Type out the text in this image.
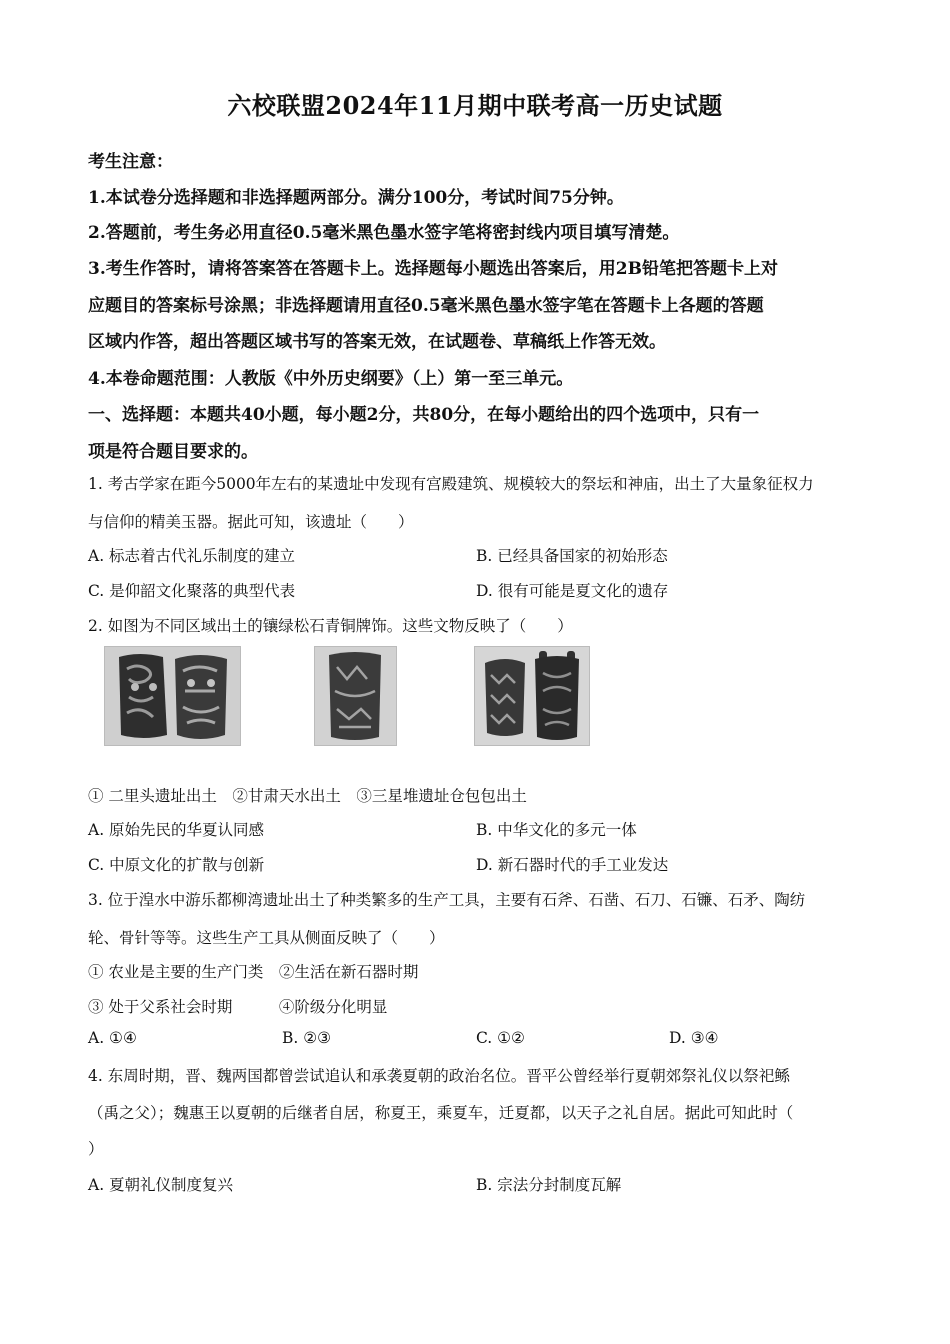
六校联盟2024年11月期中联考高一历史试题
考生注意：
1.本试卷分选择题和非选择题两部分。满分100分，考试时间75分钟。
2.答题前，考生务必用直径0.5毫米黑色墨水签字笔将密封线内项目填写清楚。
3.考生作答时，请将答案答在答题卡上。选择题每小题选出答案后，用2B铅笔把答题卡上对
应题目的答案标号涂黑；非选择题请用直径0.5毫米黑色墨水签字笔在答题卡上各题的答题
区域内作答，超出答题区域书写的答案无效，在试题卷、草稿纸上作答无效。
4.本卷命题范围：人教版《中外历史纲要》（上）第一至三单元。
一、选择题：本题共40小题，每小题2分，共80分，在每小题给出的四个选项中，只有一
项是符合题目要求的。
1. 考古学家在距今5000年左右的某遗址中发现有宫殿建筑、规模较大的祭坛和神庙，出土了大量象征权力
与信仰的精美玉器。据此可知，该遗址（　　）
A. 标志着古代礼乐制度的建立	B. 已经具备国家的初始形态
C. 是仰韶文化聚落的典型代表	D. 很有可能是夏文化的遗存
2. 如图为不同区域出土的镶绿松石青铜牌饰。这些文物反映了（　　）
① 二里头遗址出土　②甘肃天水出土　③三星堆遗址仓包包出土
A. 原始先民的华夏认同感	B. 中华文化的多元一体
C. 中原文化的扩散与创新	D. 新石器时代的手工业发达
3. 位于湟水中游乐都柳湾遗址出土了种类繁多的生产工具，主要有石斧、石凿、石刀、石镰、石矛、陶纺
轮、骨针等等。这些生产工具从侧面反映了（　　）
① 农业是主要的生产门类　②生活在新石器时期
③ 处于父系社会时期　　　④阶级分化明显
A. ①④	B. ②③	C. ①②	D. ③④
4. 东周时期，晋、魏两国都曾尝试追认和承袭夏朝的政治名位。晋平公曾经举行夏朝郊祭礼仪以祭祀鲧
（禹之父）；魏惠王以夏朝的后继者自居，称夏王，乘夏车，迁夏都，以天子之礼自居。据此可知此时（
）
A. 夏朝礼仪制度复兴	B. 宗法分封制度瓦解
